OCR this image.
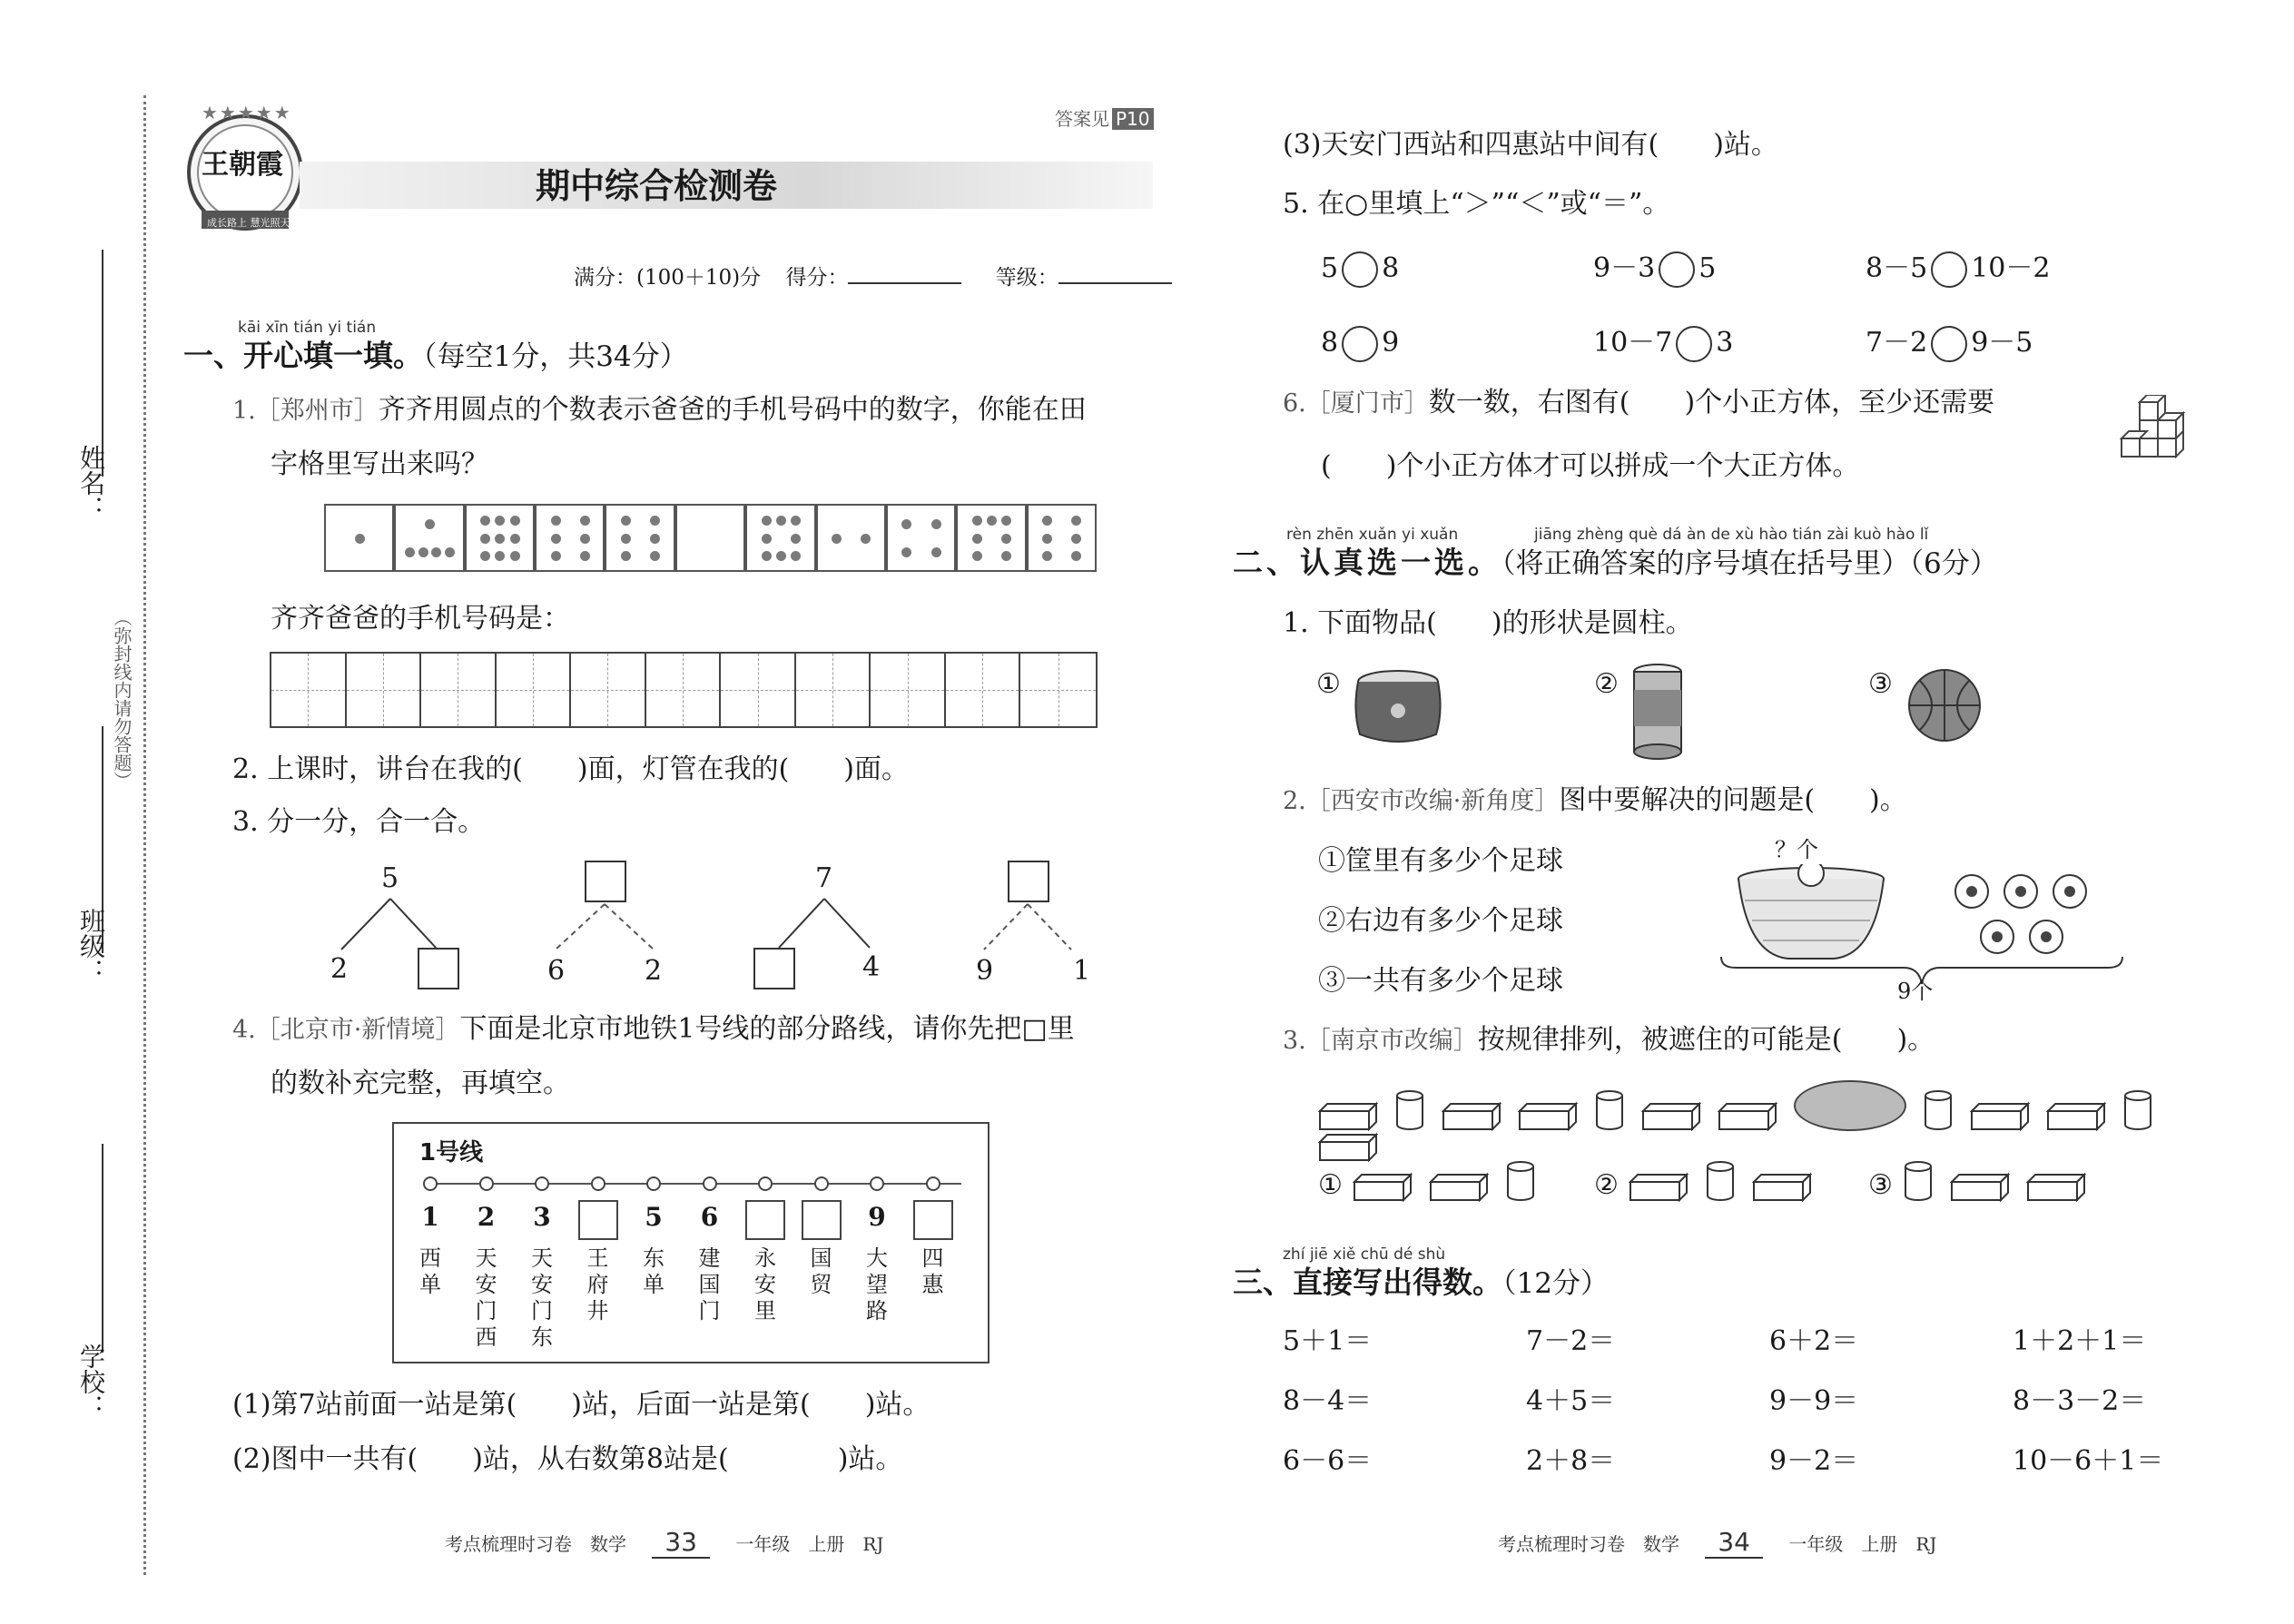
姓名：
班级：
学校：
（弥封线内请勿答题）
王朝霞
成长路上 慧光照天
★★★★★
期中综合检测卷
答案见 P10
满分：(100＋10)分 得分：	等级：
kāi xīn tián yi tián
一、开心填一填。（每空1分，共34分）
1.［郑州市］齐齐用圆点的个数表示爸爸的手机号码中的数字，你能在田
字格里写出来吗？
齐齐爸爸的手机号码是：
2. 上课时，讲台在我的(　　)面，灯管在我的(　　)面。
3. 分一分，合一合。
5
2	6	2
7
4	9	1
4.［北京市·新情境］下面是北京市地铁1号线的部分路线，请你先把□里
的数补充完整，再填空。
1号线
1
西单
2
天安门西
3
天安门东
王府井
5
东单
6
建国门
永安里
国贸
9
大望路
四惠
(1)第7站前面一站是第(　　)站，后面一站是第(　　)站。
(2)图中一共有(　　)站，从右数第8站是(　　　　)站。
考点梳理时习卷　数学 33 一年级　上册　RJ
(3)天安门西站和四惠站中间有(　　)站。
5. 在○里填上“＞”“＜”或“＝”。
5 8	9－3 5	8－5 10－2
8 9	10－7 3	7－2 9－5
6.［厦门市］数一数，右图有(　　)个小正方体，至少还需要
(　　)个小正方体才可以拼成一个大正方体。
rèn zhēn xuǎn yi xuǎn	jiāng zhèng què dá àn de xù hào tián zài kuò hào lǐ
二、认真选一选。（将正确答案的序号填在括号里）（6分）
1. 下面物品(　　)的形状是圆柱。
①	②	③
2.［西安市改编·新角度］图中要解决的问题是(　　)。
①筐里有多少个足球
②右边有多少个足球
③一共有多少个足球
？个
9个
3.［南京市改编］按规律排列，被遮住的可能是(　　)。
①	②	③
zhí jiē xiě chū dé shù
三、直接写出得数。（12分）
5＋1＝	7－2＝	6＋2＝	1＋2＋1＝
8－4＝	4＋5＝	9－9＝	8－3－2＝
6－6＝	2＋8＝	9－2＝	10－6＋1＝
考点梳理时习卷　数学 34 一年级　上册　RJ
